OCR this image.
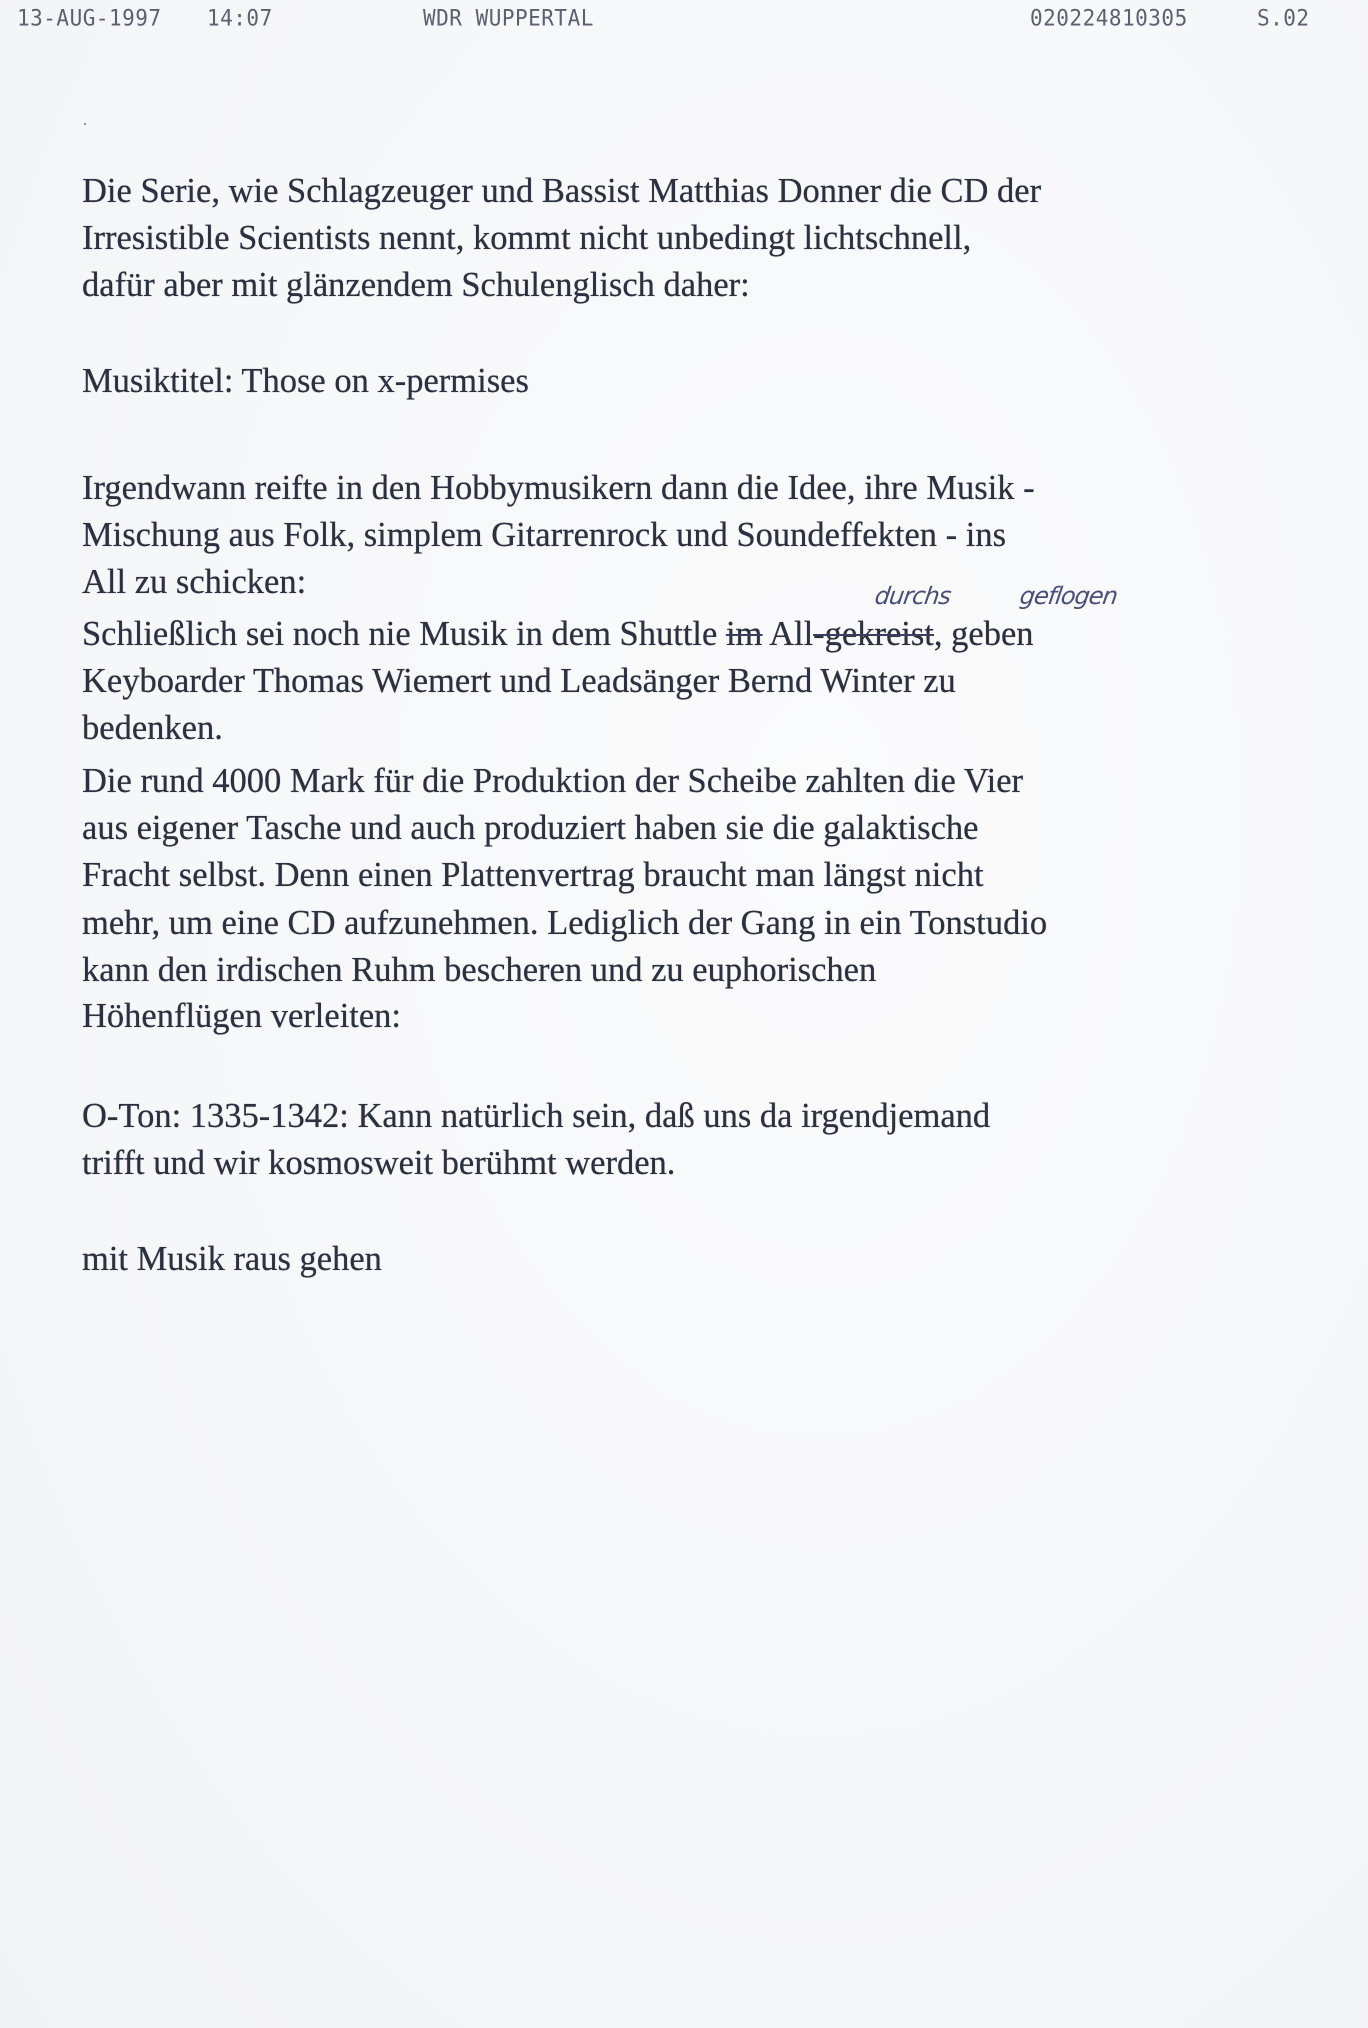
13-AUG-1997 14:07	WDR WUPPERTAL	020224810305	S.02
Die Serie, wie Schlagzeuger und Bassist Matthias Donner die CD der
Irresistible Scientists nennt, kommt nicht unbedingt lichtschnell,
dafür aber mit glänzendem Schulenglisch daher:
Musiktitel: Those on x-permises
Irgendwann reifte in den Hobbymusikern dann die Idee, ihre Musik -
Mischung aus Folk, simplem Gitarrenrock und Soundeffekten - ins
All zu schicken:
Schließlich sei noch nie Musik in dem Shuttle im All-gekreist, geben
durchs	geflogen
Keyboarder Thomas Wiemert und Leadsänger Bernd Winter zu
bedenken.
Die rund 4000 Mark für die Produktion der Scheibe zahlten die Vier
aus eigener Tasche und auch produziert haben sie die galaktische
Fracht selbst. Denn einen Plattenvertrag braucht man längst nicht
mehr, um eine CD aufzunehmen. Lediglich der Gang in ein Tonstudio
kann den irdischen Ruhm bescheren und zu euphorischen
Höhenflügen verleiten:
O-Ton: 1335-1342: Kann natürlich sein, daß uns da irgendjemand
trifft und wir kosmosweit berühmt werden.
mit Musik raus gehen
